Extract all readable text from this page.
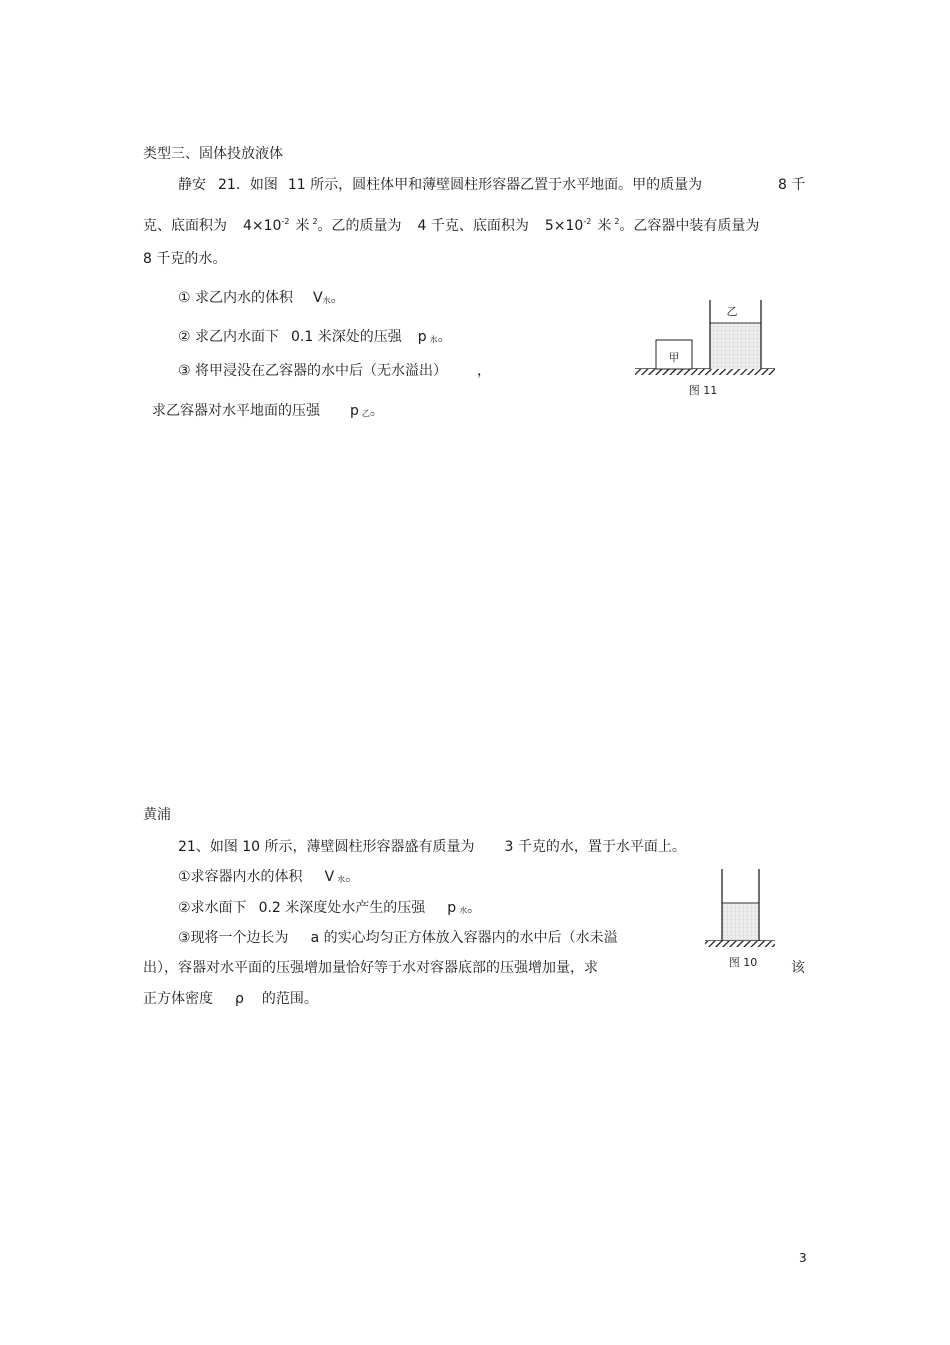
类型三、固体投放液体
静安 21．如图 11 所示，圆柱体甲和薄壁圆柱形容器乙置于水平地面。甲的质量为	8 千
克、底面积为 $4\times 10^{-2}$ 米 $^2$。乙的质量为 4 千克、底面积为 $5\times 10^{-2}$ 米 $^2$。乙容器中装有质量为
8 千克的水。
① 求乙内水的体积 V水。
② 求乙内水面下 0.1 米深处的压强 p 水。
③ 将甲浸没在乙容器的水中后（无水溢出） ，
求乙容器对水平地面的压强 p 乙。
甲
乙
图 11
黄浦
21、如图 10 所示，薄壁圆柱形容器盛有质量为 3 千克的水，置于水平面上。
①求容器内水的体积 V 水。
②求水面下 0.2 米深度处水产生的压强 p 水。
③现将一个边长为 a 的实心均匀正方体放入容器内的水中后（水未溢
出），容器对水平面的压强增加量恰好等于水对容器底部的压强增加量，求	该
正方体密度 ρ 的范围。
图 10
3
